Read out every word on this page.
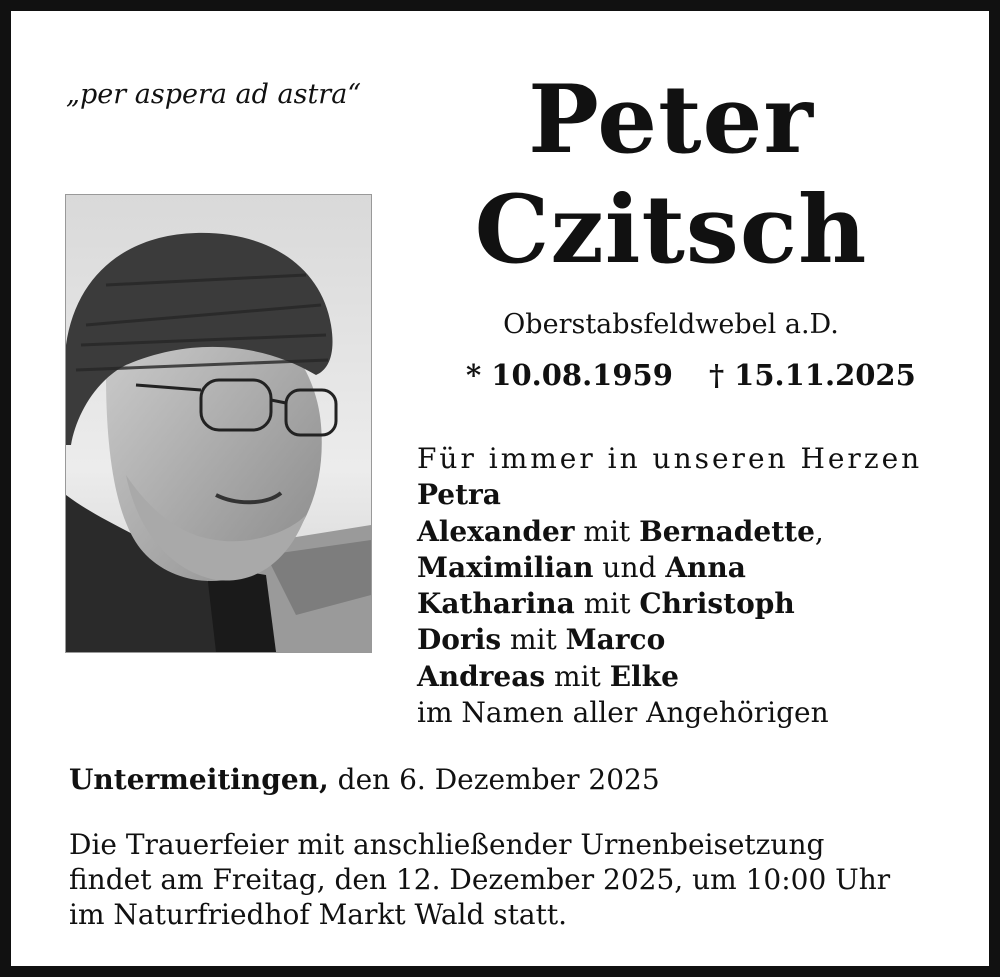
„per aspera ad astra“	Peter
Czitsch
Oberstabsfeldwebel a.D.
* 10.08.1959 † 15.11.2025
Für immer in unseren Herzen
Petra
Alexander mit Bernadette,
Maximilian und Anna
Katharina mit Christoph
Doris mit Marco
Andreas mit Elke
im Namen aller Angehörigen
Untermeitingen, den 6. Dezember 2025
Die Trauerfeier mit anschließender Urnenbeisetzung
findet am Freitag, den 12. Dezember 2025, um 10:00 Uhr
im Naturfriedhof Markt Wald statt.
